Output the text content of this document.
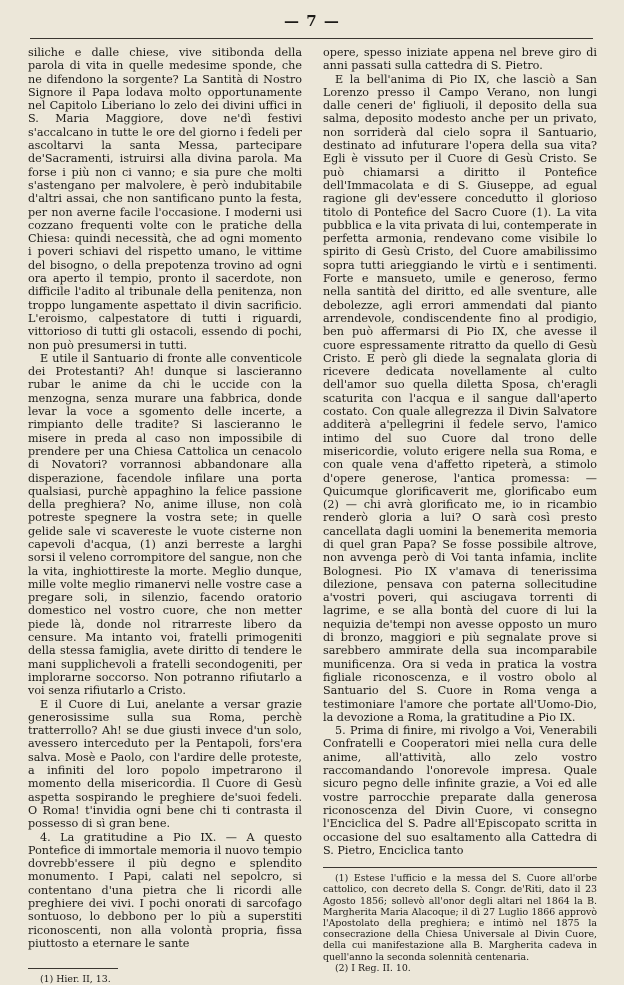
— 7 —

siliche e dalle chiese, vive sitibonda della parola di vita in quelle medesime sponde, che ne difendono la sorgente? La Santità di Nostro Signore il Papa lodava molto opportunamente nel Capitolo Liberiano lo zelo dei divini uffici in S. Maria Maggiore, dove ne'dì festivi s'accalcano in tutte le ore del giorno i fedeli per ascoltarvi la santa Messa, partecipare de'Sacramenti, istruirsi alla divina parola. Ma forse i più non ci vanno; e sia pure che molti s'astengano per malvolere, è però indubitabile d'altri assai, che non santificano punto la festa, per non averne facile l'occasione. I moderni usi cozzano frequenti volte con le pratiche della Chiesa: quindi necessità, che ad ogni momento i poveri schiavi del rispetto umano, le vittime del bisogno, o della prepotenza trovino ad ogni ora aperto il tempio, pronto il sacerdote, non difficile l'adito al tribunale della penitenza, non troppo lungamente aspettato il divin sacrificio. L'eroismo, calpestatore di tutti i riguardi, vittorioso di tutti gli ostacoli, essendo di pochi, non può presumersi in tutti.

E utile il Santuario di fronte alle conventicole dei Protestanti? Ah! dunque si lascieranno rubar le anime da chi le uccide con la menzogna, senza murare una fabbrica, donde levar la voce a sgomento delle incerte, a rimpianto delle tradite? Si lascieranno le misere in preda al caso non impossibile di prendere per una Chiesa Cattolica un cenacolo di Novatori? vorrannosi abbandonare alla disperazione, facendole infilare una porta qualsiasi, purchè appaghino la felice passione della preghiera? No, anime illuse, non colà potreste spegnere la vostra sete; in quelle gelide sale vi scavereste le vuote cisterne non capevoli d'acqua, (1) anzi berreste a larghi sorsi il veleno corrompitore del sangue, non che la vita, inghiottireste la morte. Meglio dunque, mille volte meglio rimanervi nelle vostre case a pregare soli, in silenzio, facendo oratorio domestico nel vostro cuore, che non metter piede là, donde nol ritrarreste libero da censure. Ma intanto voi, fratelli primogeniti della stessa famiglia, avete diritto di tendere le mani supplichevoli a fratelli secondogeniti, per implorarne soccorso. Non potranno rifiutarlo a voi senza rifiutarlo a Cristo.

E il Cuore di Lui, anelante a versar grazie generosissime sulla sua Roma, perchè tratterrollo? Ah! se due giusti invece d'un solo, avessero interceduto per la Pentapoli, fors'era salva. Mosè e Paolo, con l'ardire delle proteste, a infiniti del loro popolo impetrarono il momento della misericordia. Il Cuore di Gesù aspetta sospirando le preghiere de'suoi fedeli. O Roma! t'invidia ogni bene chi ti contrasta il possesso di sì gran bene.

4. La gratitudine a Pio IX. — A questo Pontefice di immortale memoria il nuovo tempio dovrebb'essere il più degno e splendito monumento. I Papi, calati nel sepolcro, si contentano d'una pietra che li ricordi alle preghiere dei vivi. I pochi onorati di sarcofago sontuoso, lo debbono per lo più a superstiti riconoscenti, non alla volontà propria, fissa piuttosto a eternare le sante

(1) Hier. II, 13.

opere, spesso iniziate appena nel breve giro di anni passati sulla cattedra di S. Pietro.

E la bell'anima di Pio IX, che lasciò a San Lorenzo presso il Campo Verano, non lungi dalle ceneri de' figliuoli, il deposito della sua salma, deposito modesto anche per un privato, non sorriderà dal cielo sopra il Santuario, destinato ad infuturare l'opera della sua vita? Egli è vissuto per il Cuore di Gesù Cristo. Se può chiamarsi a diritto il Pontefice dell'Immacolata e di S. Giuseppe, ad egual ragione gli dev'essere concedutto il glorioso titolo di Pontefice del Sacro Cuore (1). La vita pubblica e la vita privata di lui, contemperate in perfetta armonia, rendevano come visibile lo spirito di Gesù Cristo, del Cuore amabilissimo sopra tutti arieggiando le virtù e i sentimenti. Forte e mansueto, umile e generoso, fermo nella santità del diritto, ed alle sventure, alle debolezze, agli errori ammendati dal pianto arrendevole, condiscendente fino al prodigio, ben può affermarsi di Pio IX, che avesse il cuore espressamente ritratto da quello di Gesù Cristo. E però gli diede la segnalata gloria di ricevere dedicata novellamente al culto dell'amor suo quella diletta Sposa, ch'eragli scaturita con l'acqua e il sangue dall'aperto costato. Con quale allegrezza il Divin Salvatore additerà a'pellegrini il fedele servo, l'amico intimo del suo Cuore dal trono delle misericordie, voluto erigere nella sua Roma, e con quale vena d'affetto ripeterà, a stimolo d'opere generose, l'antica promessa: — Quicumque glorificaverit me, glorificabo eum (2) — chi avrà glorificato me, io in ricambio renderò gloria a lui? O sarà così presto cancellata dagli uomini la benemerita memoria di quel gran Papa? Se fosse possibile altrove, non avvenga però di Voi tanta infamia, inclite Bolognesi. Pio IX v'amava di tenerissima dilezione, pensava con paterna sollecitudine a'vostri poveri, qui asciugava torrenti di lagrime, e se alla bontà del cuore di lui la nequizia de'tempi non avesse opposto un muro di bronzo, maggiori e più segnalate prove si sarebbero ammirate della sua incomparabile munificenza. Ora si veda in pratica la vostra figliale riconoscenza, e il vostro obolo al Santuario del S. Cuore in Roma venga a testimoniare l'amore che portate all'Uomo-Dio, la devozione a Roma, la gratitudine a Pio IX.

5. Prima di finire, mi rivolgo a Voi, Venerabili Confratelli e Cooperatori miei nella cura delle anime, all'attività, allo zelo vostro raccomandando l'onorevole impresa. Quale sicuro pegno delle infinite grazie, a Voi ed alle vostre parrocchie preparate dalla generosa riconoscenza del Divin Cuore, vi consegno l'Enciclica del S. Padre all'Episcopato scritta in occasione del suo esaltamento alla Cattedra di S. Pietro, Enciclica tanto

(1) Estese l'ufficio e la messa del S. Cuore all'orbe cattolico, con decreto della S. Congr. de'Riti, dato il 23 Agosto 1856; sollevò all'onor degli altari nel 1864 la B. Margherita Maria Alacoque; il dì 27 Luglio 1866 approvò l'Apostolato della preghiera; e intimò nel 1875 la consecrazione della Chiesa Universale al Divin Cuore, della cui manifestazione alla B. Margherita cadeva in quell'anno la seconda solennità centenaria.

(2) I Reg. II. 10.
